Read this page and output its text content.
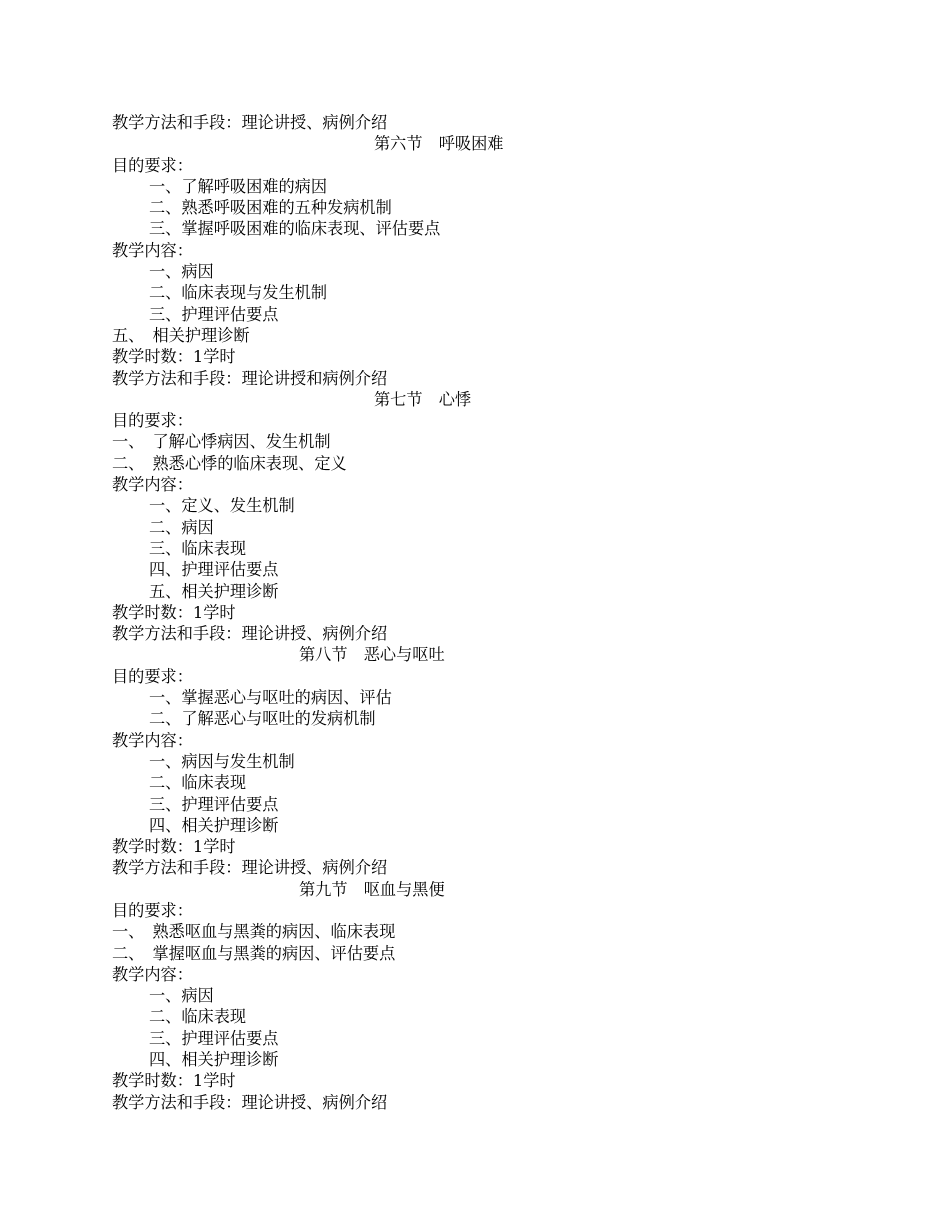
教学方法和手段：理论讲授、病例介绍
第六节　呼吸困难
目的要求：
一、了解呼吸困难的病因
二、熟悉呼吸困难的五种发病机制
三、掌握呼吸困难的临床表现、评估要点
教学内容：
一、病因
二、临床表现与发生机制
三、护理评估要点
五、　相关护理诊断
教学时数：1学时
教学方法和手段：理论讲授和病例介绍
第七节　心悸
目的要求：
一、　了解心悸病因、发生机制
二、　熟悉心悸的临床表现、定义
教学内容：
一、定义、发生机制
二、病因
三、临床表现
四、护理评估要点
五、相关护理诊断
教学时数：1学时
教学方法和手段：理论讲授、病例介绍
第八节　恶心与呕吐
目的要求：
一、掌握恶心与呕吐的病因、评估
二、了解恶心与呕吐的发病机制
教学内容：
一、病因与发生机制
二、临床表现
三、护理评估要点
四、相关护理诊断
教学时数：1学时
教学方法和手段：理论讲授、病例介绍
第九节　呕血与黑便
目的要求：
一、　熟悉呕血与黑粪的病因、临床表现
二、　掌握呕血与黑粪的病因、评估要点
教学内容：
一、病因
二、临床表现
三、护理评估要点
四、相关护理诊断
教学时数：1学时
教学方法和手段：理论讲授、病例介绍
